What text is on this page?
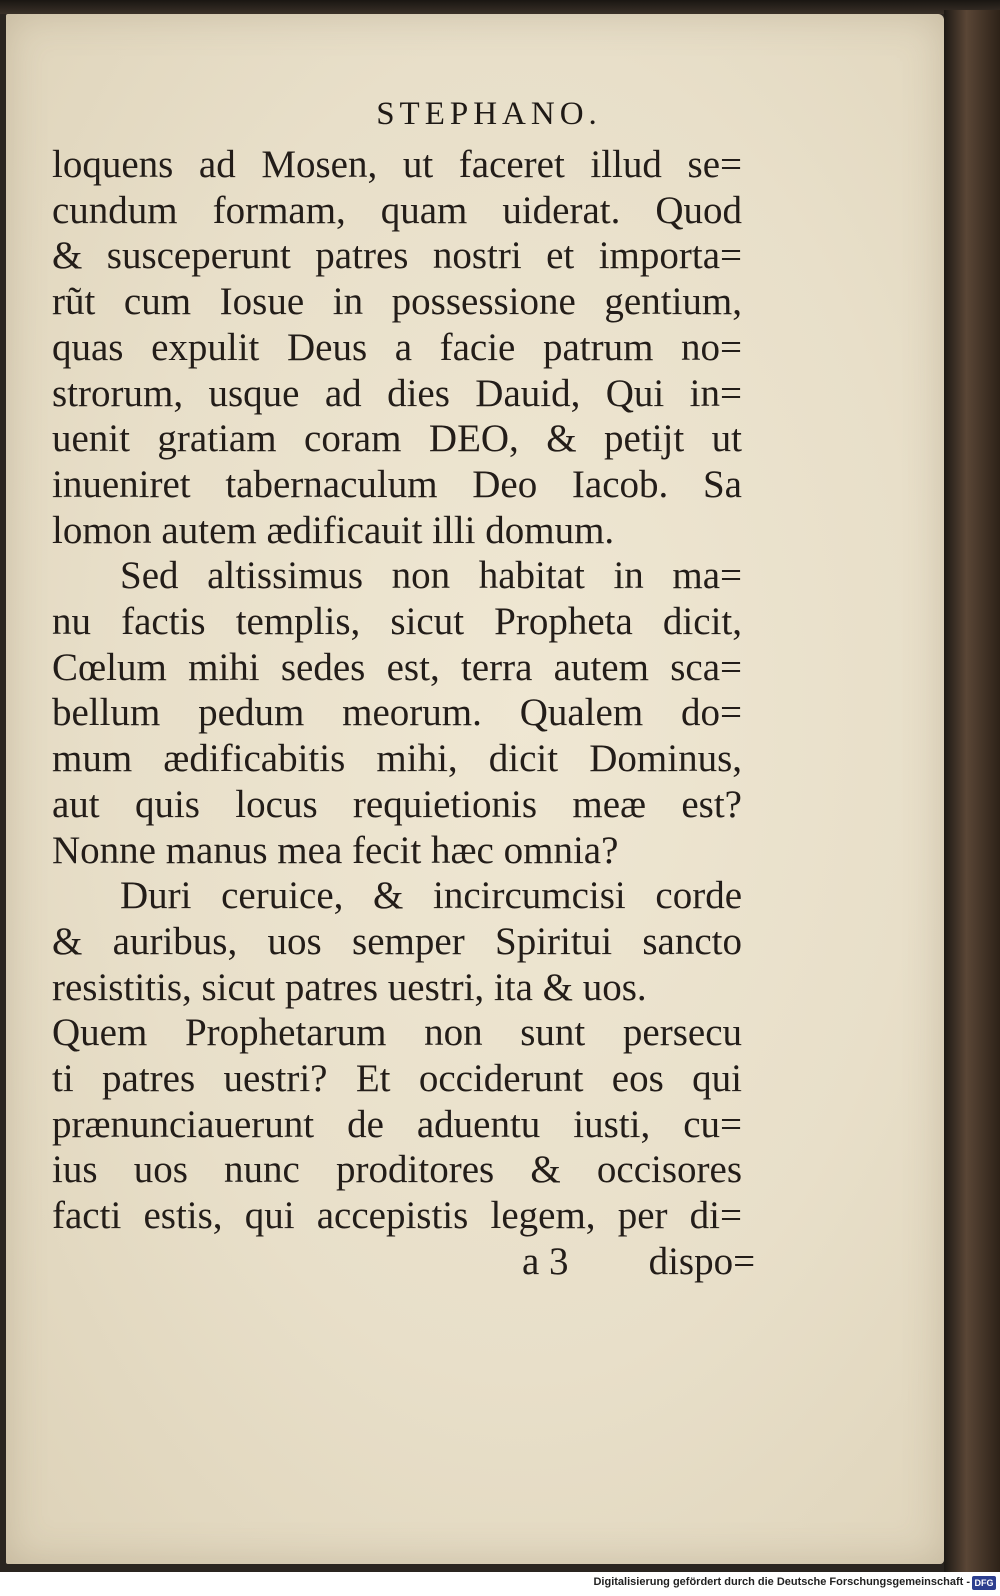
STEPHANO.
loquens ad Mosen, ut faceret illud se=
cundum formam, quam uiderat. Quod
& susceperunt patres nostri et importa=
rũt cum Iosue in possessione gentium,
quas expulit Deus a facie patrum no=
strorum, usque ad dies Dauid, Qui in=
uenit gratiam coram DEO, & petijt ut
inueniret tabernaculum Deo Iacob. Sa
lomon autem ædificauit illi domum.
Sed altissimus non habitat in ma=
nu factis templis, sicut Propheta dicit,
Cœlum mihi sedes est, terra autem sca=
bellum pedum meorum. Qualem do=
mum ædificabitis mihi, dicit Dominus,
aut quis locus requietionis meæ est?
Nonne manus mea fecit hæc omnia?
Duri ceruice, & incircumcisi corde
& auribus, uos semper Spiritui sancto
resistitis, sicut patres uestri, ita & uos.
Quem Prophetarum non sunt persecu
ti patres uestri? Et occiderunt eos qui
prænunciauerunt de aduentu iusti, cu=
ius uos nunc proditores & occisores
facti estis, qui accepistis legem, per di=
a 3 dispo=
Digitalisierung gefördert durch die Deutsche Forschungsgemeinschaft - DFG
